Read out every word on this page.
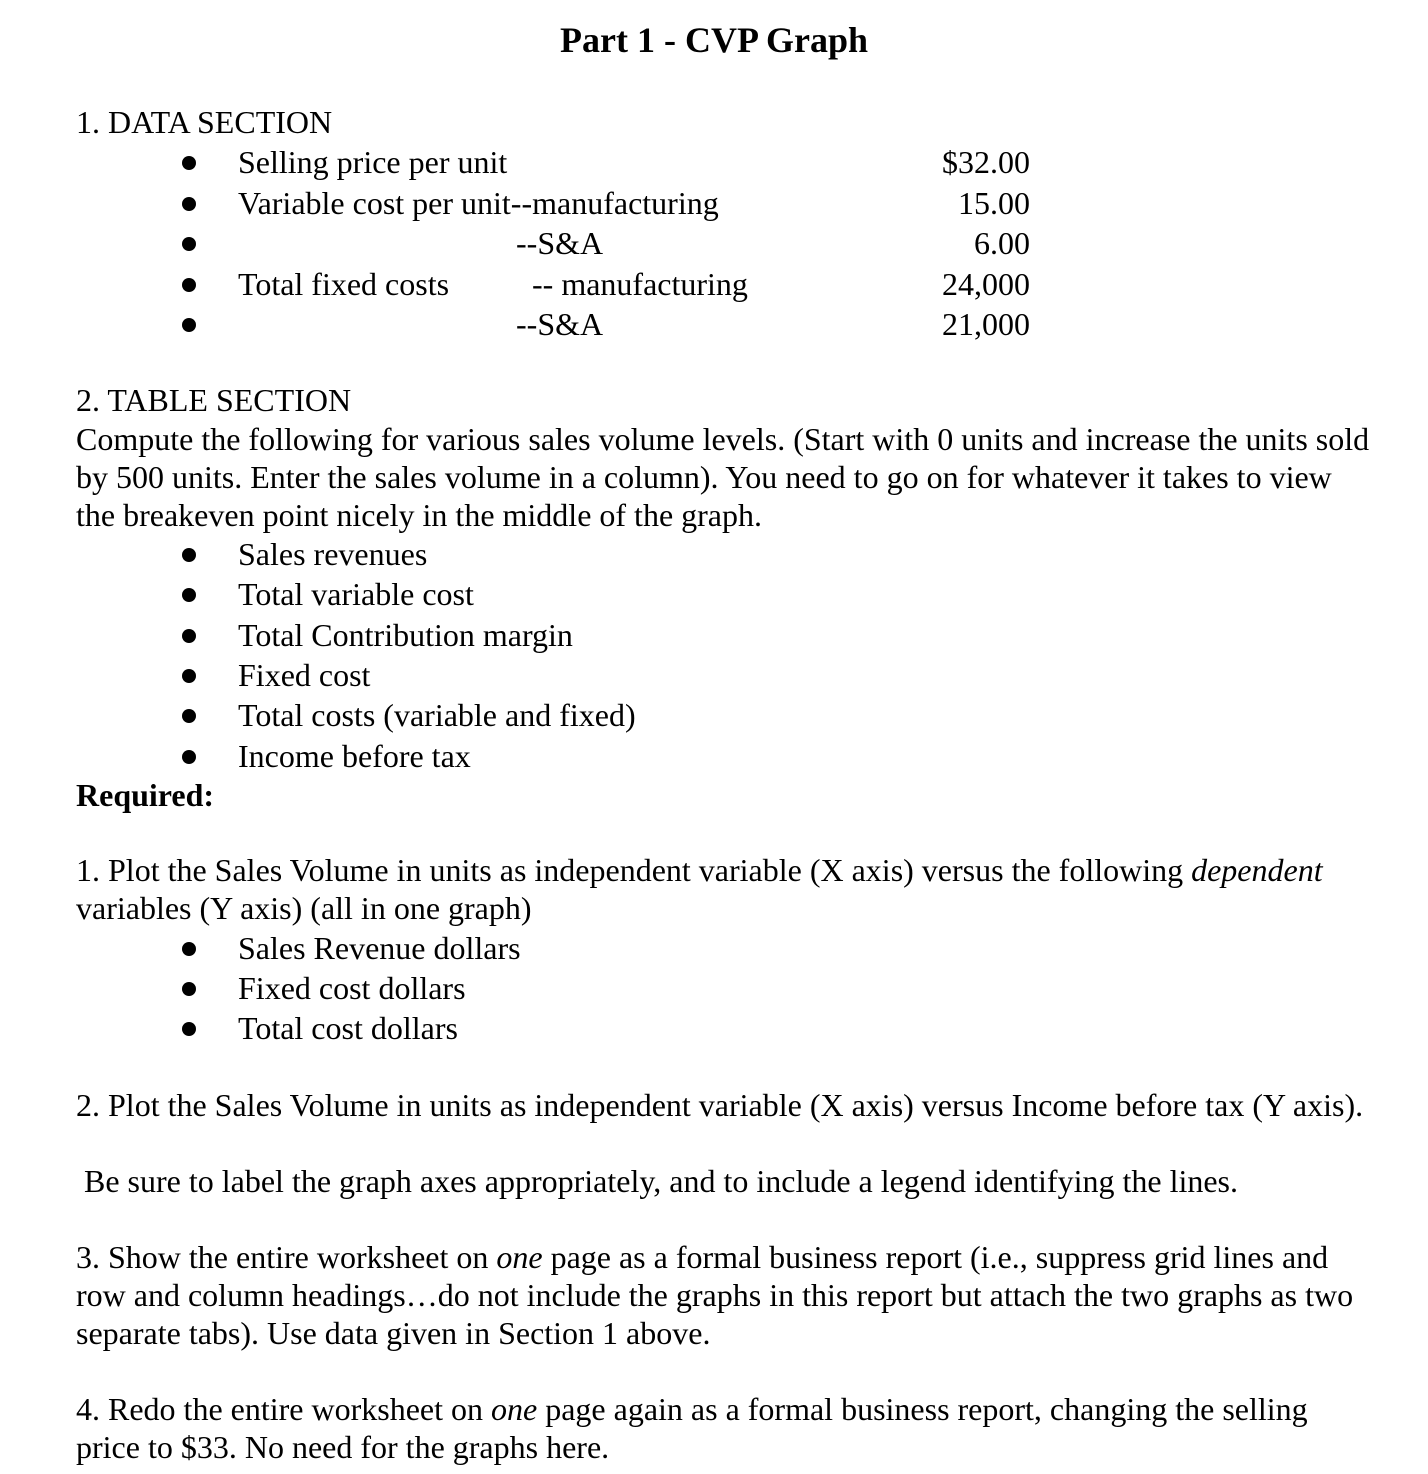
Part 1 - CVP Graph
1. DATA SECTION
Selling price per unit	$32.00
Variable cost per unit--manufacturing	15.00
--S&A	6.00
Total fixed costs	-- manufacturing	24,000
--S&A	21,000
2. TABLE SECTION
Compute the following for various sales volume levels. (Start with 0 units and increase the units sold by 500 units. Enter the sales volume in a column). You need to go on for whatever it takes to view the breakeven point nicely in the middle of the graph.
Sales revenues
Total variable cost
Total Contribution margin
Fixed cost
Total costs (variable and fixed)
Income before tax
Required:
1. Plot the Sales Volume in units as independent variable (X axis) versus the following dependent variables (Y axis) (all in one graph)
Sales Revenue dollars
Fixed cost dollars
Total cost dollars
2. Plot the Sales Volume in units as independent variable (X axis) versus Income before tax (Y axis).
Be sure to label the graph axes appropriately, and to include a legend identifying the lines.
3. Show the entire worksheet on one page as a formal business report (i.e., suppress grid lines and row and column headings…do not include the graphs in this report but attach the two graphs as two separate tabs). Use data given in Section 1 above.
4. Redo the entire worksheet on one page again as a formal business report, changing the selling price to $33. No need for the graphs here.
